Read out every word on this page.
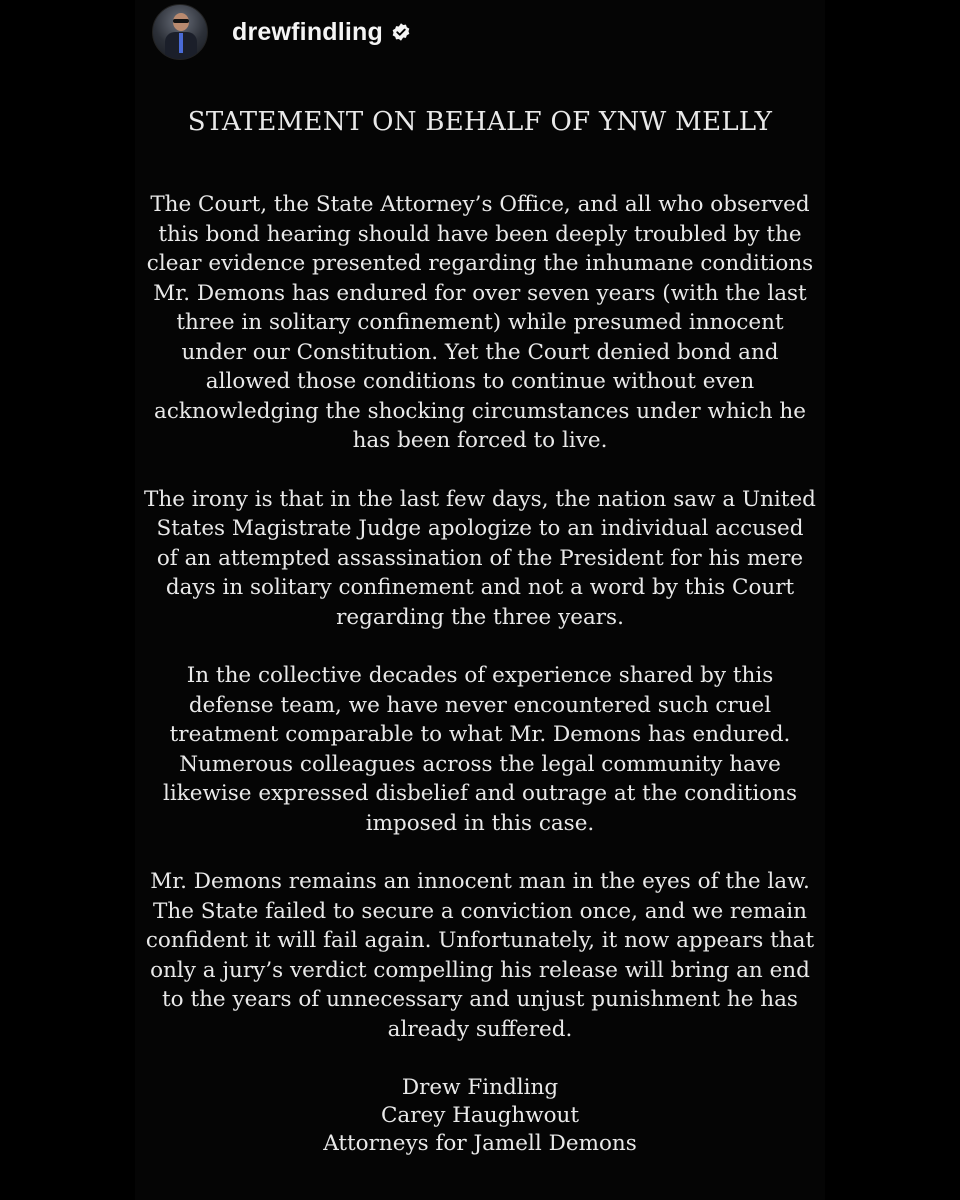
drewfindling

STATEMENT ON BEHALF OF YNW MELLY

The Court, the State Attorney’s Office, and all who observed this bond hearing should have been deeply troubled by the clear evidence presented regarding the inhumane conditions Mr. Demons has endured for over seven years (with the last three in solitary confinement) while presumed innocent under our Constitution. Yet the Court denied bond and allowed those conditions to continue without even acknowledging the shocking circumstances under which he has been forced to live.

The irony is that in the last few days, the nation saw a United States Magistrate Judge apologize to an individual accused of an attempted assassination of the President for his mere days in solitary confinement and not a word by this Court regarding the three years.

In the collective decades of experience shared by this defense team, we have never encountered such cruel treatment comparable to what Mr. Demons has endured. Numerous colleagues across the legal community have likewise expressed disbelief and outrage at the conditions imposed in this case.

Mr. Demons remains an innocent man in the eyes of the law. The State failed to secure a conviction once, and we remain confident it will fail again. Unfortunately, it now appears that only a jury’s verdict compelling his release will bring an end to the years of unnecessary and unjust punishment he has already suffered.

Drew Findling
Carey Haughwout
Attorneys for Jamell Demons
